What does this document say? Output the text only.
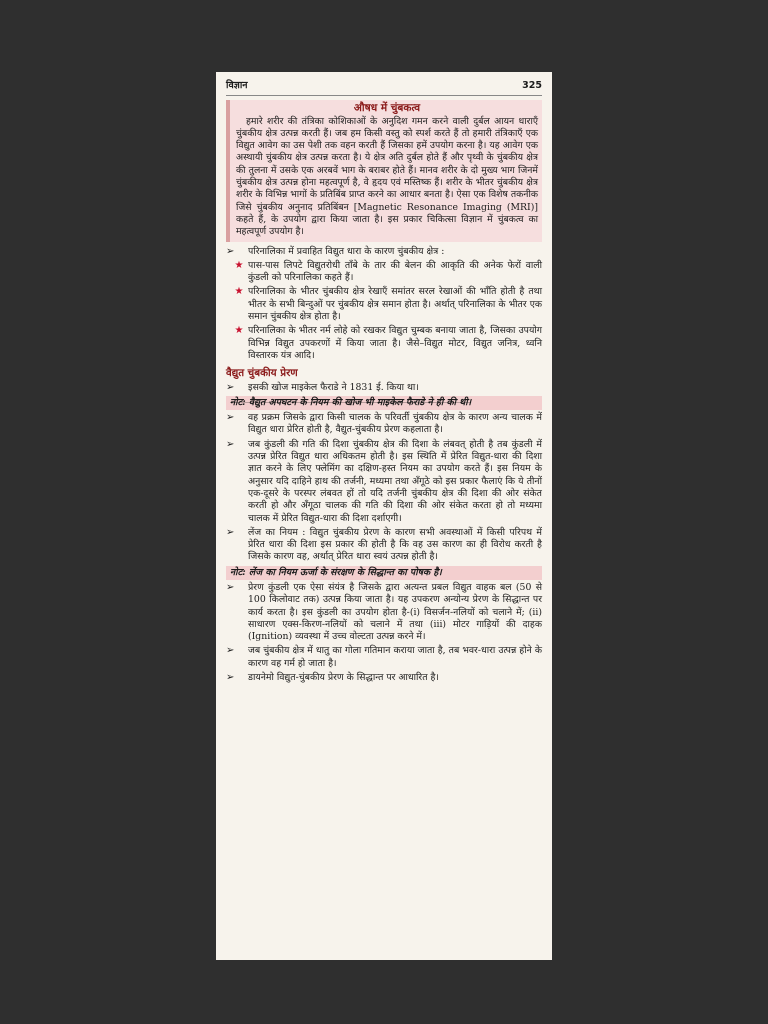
विज्ञान	325
औषध में चुंबकत्व
हमारे शरीर की तंत्रिका कोशिकाओं के अनुदिश गमन करने वाली दुर्बल आयन धाराएँ चुंबकीय क्षेत्र उत्पन्न करती हैं। जब हम किसी वस्तु को स्पर्श करते हैं तो हमारी तंत्रिकाएँ एक विद्युत आवेग का उस पेशी तक वहन करती हैं जिसका हमें उपयोग करना है। यह आवेग एक अस्थायी चुंबकीय क्षेत्र उत्पन्न करता है। ये क्षेत्र अति दुर्बल होते हैं और पृथ्वी के चुंबकीय क्षेत्र की तुलना में उसके एक अरबवें भाग के बराबर होते हैं। मानव शरीर के दो मुख्य भाग जिनमें चुंबकीय क्षेत्र उत्पन्न होना महत्वपूर्ण है, वे हृदय एवं मस्तिष्क हैं। शरीर के भीतर चुंबकीय क्षेत्र शरीर के विभिन्न भागों के प्रतिबिंब प्राप्त करने का आधार बनता है। ऐसा एक विशेष तकनीक जिसे चुंबकीय अनुनाद प्रतिबिंबन [Magnetic Resonance Imaging (MRI)] कहते हैं, के उपयोग द्वारा किया जाता है। इस प्रकार चिकित्सा विज्ञान में चुंबकत्व का महत्वपूर्ण उपयोग है।
➢	परिनालिका में प्रवाहित विद्युत धारा के कारण चुंबकीय क्षेत्र :
★ पास-पास लिपटे विद्युतरोधी ताँबे के तार की बेलन की आकृति की अनेक फेरों वाली कुंडली को परिनालिका कहते हैं।
★ परिनालिका के भीतर चुंबकीय क्षेत्र रेखाएँ समांतर सरल रेखाओं की भाँति होती है तथा भीतर के सभी बिन्दुओं पर चुंबकीय क्षेत्र समान होता है। अर्थात् परिनालिका के भीतर एक समान चुंबकीय क्षेत्र होता है।
★ परिनालिका के भीतर नर्म लोहे को रखकर विद्युत चुम्बक बनाया जाता है, जिसका उपयोग विभिन्न विद्युत उपकरणों में किया जाता है। जैसे–विद्युत मोटर, विद्युत जनित्र, ध्वनि विस्तारक यंत्र आदि।
वैद्युत चुंबकीय प्रेरण
➢	इसकी खोज माइकेल फैराडे ने 1831 ई. किया था।
नोट: वैद्युत अपघटन के नियम की खोज भी माइकेल फैराडे ने ही की थी।
➢	वह प्रक्रम जिसके द्वारा किसी चालक के परिवर्ती चुंबकीय क्षेत्र के कारण अन्य चालक में विद्युत धारा प्रेरित होती है, वैद्युत-चुंबकीय प्रेरण कहलाता है।
➢	जब कुंडली की गति की दिशा चुंबकीय क्षेत्र की दिशा के लंबवत् होती है तब कुंडली में उत्पन्न प्रेरित विद्युत धारा अधिकतम होती है। इस स्थिति में प्रेरित विद्युत-धारा की दिशा ज्ञात करने के लिए फ्लेमिंग का दक्षिण-हस्त नियम का उपयोग करते हैं। इस नियम के अनुसार यदि दाहिने हाथ की तर्जनी, मध्यमा तथा अँगूठे को इस प्रकार फैलाएं कि ये तीनों एक-दूसरे के परस्पर लंबवत हों तो यदि तर्जनी चुंबकीय क्षेत्र की दिशा की ओर संकेत करती हो और अँगूठा चालक की गति की दिशा की ओर संकेत करता हो तो मध्यमा चालक में प्रेरित विद्युत-धारा की दिशा दर्शाएगी।
➢	लेंज का नियम : विद्युत चुंबकीय प्रेरण के कारण सभी अवस्थाओं में किसी परिपथ में प्रेरित धारा की दिशा इस प्रकार की होती है कि वह उस कारण का ही विरोध करती है जिसके कारण वह, अर्थात् प्रेरित धारा स्वयं उत्पन्न होती है।
नोट: लेंज का नियम ऊर्जा के संरक्षण के सिद्धान्त का पोषक है।
➢	प्रेरण कुंडली एक ऐसा संयंत्र है जिसके द्वारा अत्यन्त प्रबल विद्युत वाहक बल (50 से 100 किलोवाट तक) उत्पन्न किया जाता है। यह उपकरण अन्योन्य प्रेरण के सिद्धान्त पर कार्य करता है। इस कुंडली का उपयोग होता है-(i) विसर्जन-नलियों को चलाने में; (ii) साधारण एक्स-किरण-नलियों को चलाने में तथा (iii) मोटर गाड़ियों की दाहक (Ignition) व्यवस्था में उच्च वोल्टता उत्पन्न करने में।
➢	जब चुंबकीय क्षेत्र में धातु का गोला गतिमान कराया जाता है, तब भवर-धारा उत्पन्न होने के कारण वह गर्म हो जाता है।
➢	डायनेमो विद्युत-चुंबकीय प्रेरण के सिद्धान्त पर आधारित है।
